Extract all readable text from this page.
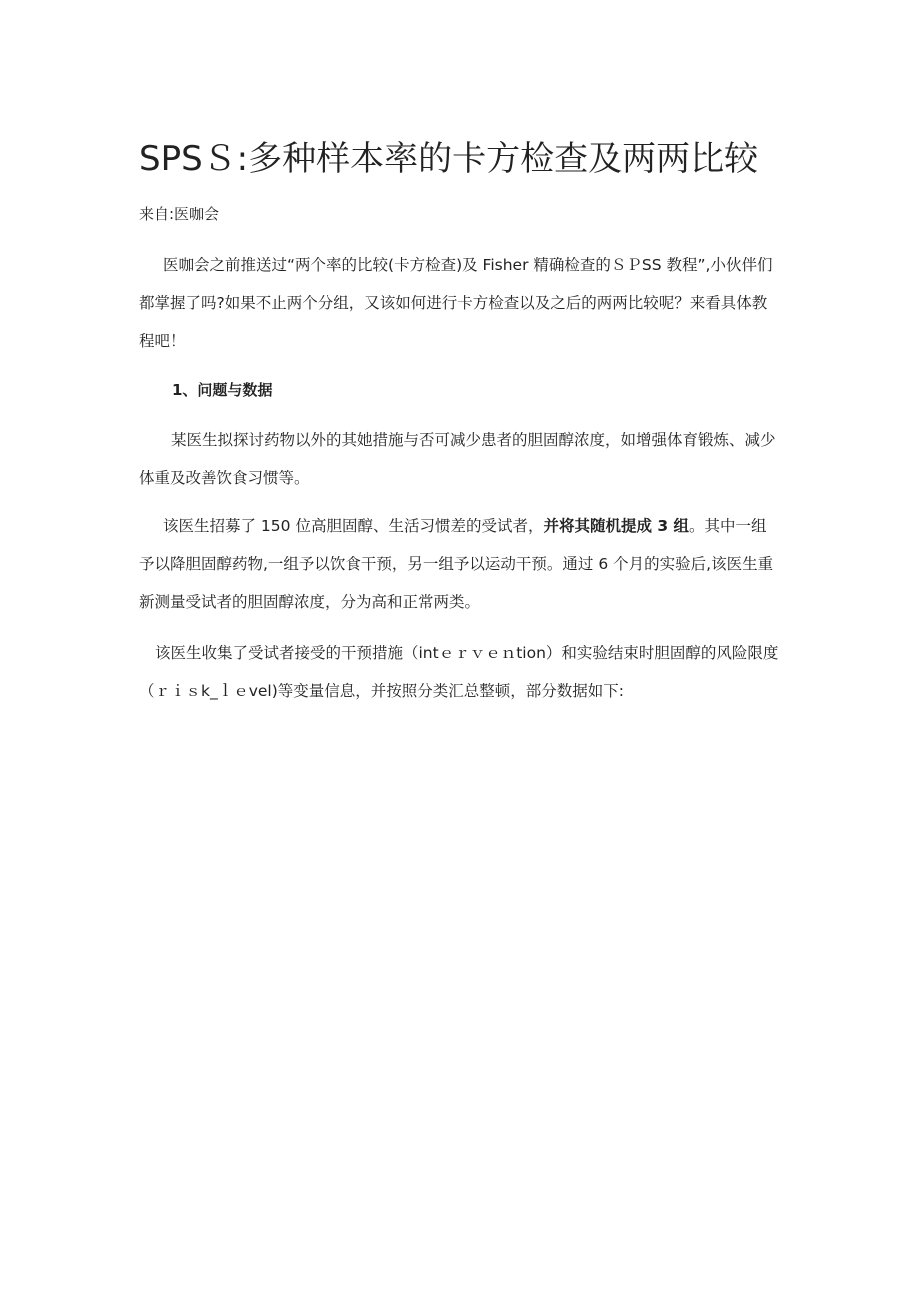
SPSＳ:多种样本率的卡方检查及两两比较
来自:医咖会

医咖会之前推送过“两个率的比较(卡方检查)及 Fisher 精确检查的ＳＰSS 教程”,小伙伴们都掌握了吗?如果不止两个分组，又该如何进行卡方检查以及之后的两两比较呢？来看具体教程吧！

1、问题与数据

某医生拟探讨药物以外的其她措施与否可减少患者的胆固醇浓度，如增强体育锻炼、减少体重及改善饮食习惯等。

该医生招募了 150 位高胆固醇、生活习惯差的受试者，并将其随机提成 3 组。其中一组予以降胆固醇药物,一组予以饮食干预，另一组予以运动干预。通过 6 个月的实验后,该医生重新测量受试者的胆固醇浓度，分为高和正常两类。

该医生收集了受试者接受的干预措施（intｅｒｖｅｎtion）和实验结束时胆固醇的风险限度（ｒｉｓk_ｌｅvel)等变量信息，并按照分类汇总整顿，部分数据如下:
